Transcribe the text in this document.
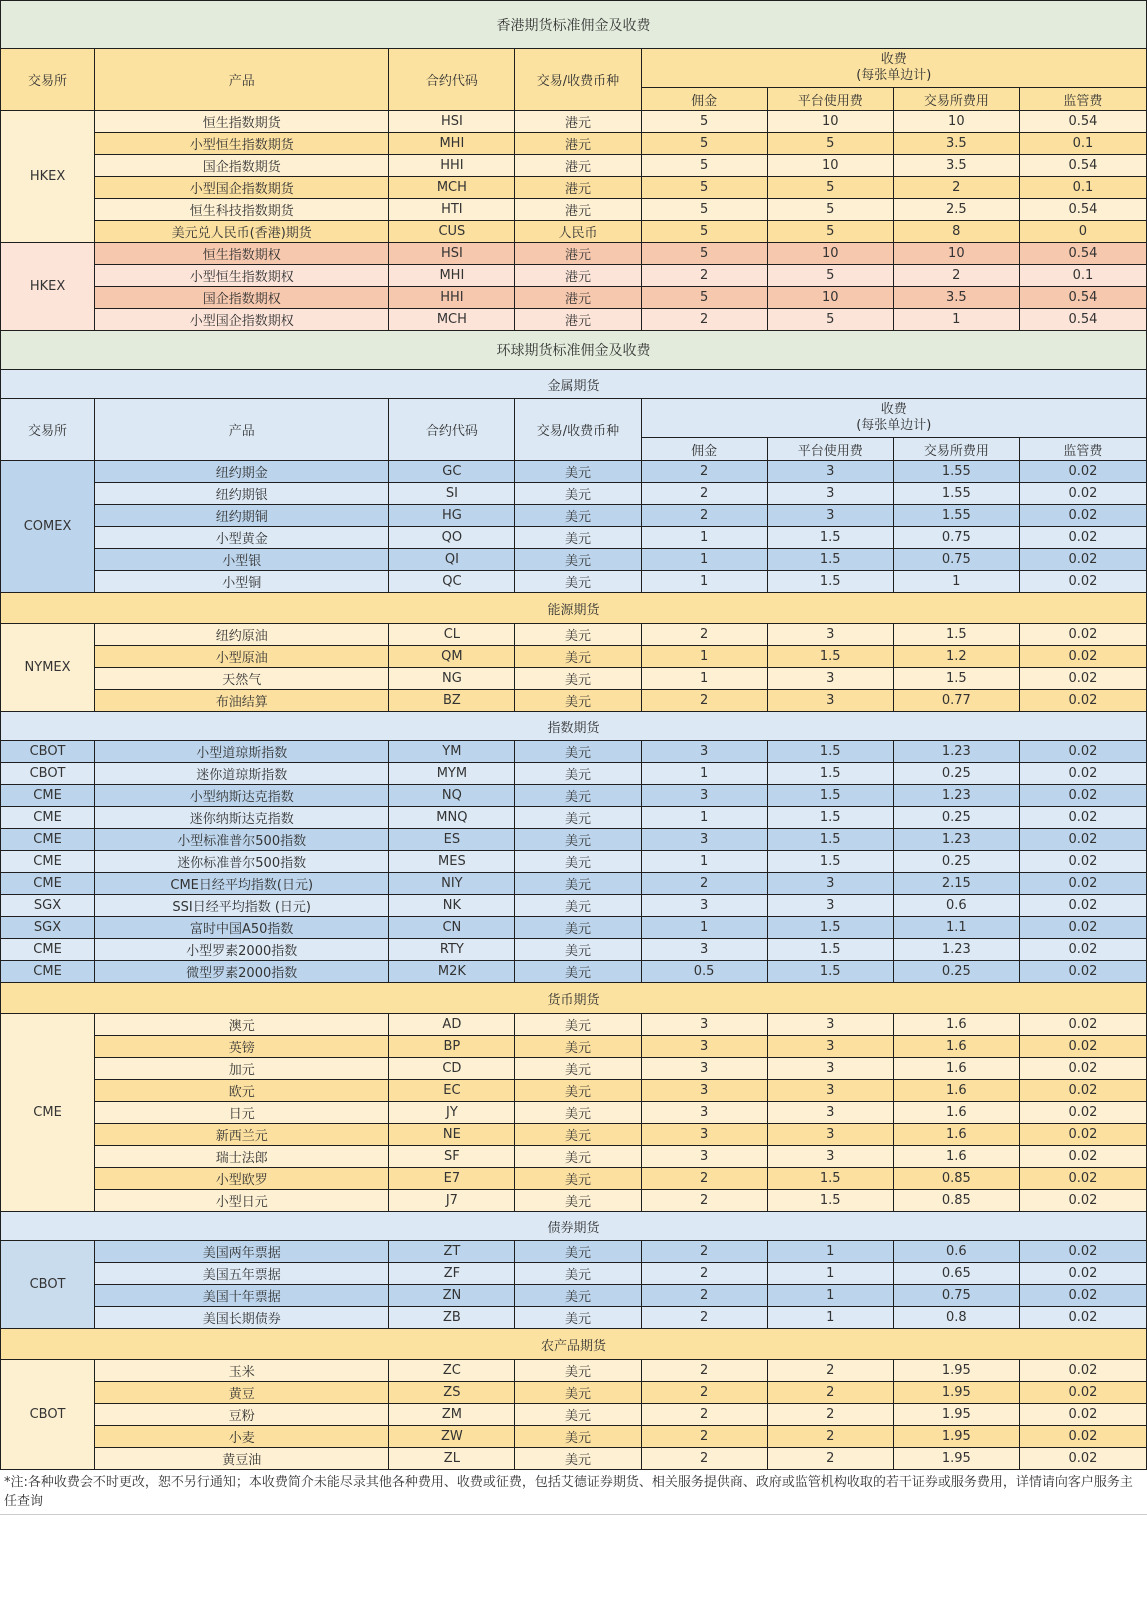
香港期货标准佣金及收费							
交易所	产品	合约代码	交易/收费币种	收费
(每张单边计)			

				佣金	平台使用费	交易所费用	监管费
HKEX	恒生指数期货	HSI	港元	5	10	10	0.54
	小型恒生指数期货	MHI	港元	5	5	3.5	0.1
	国企指数期货	HHI	港元	5	10	3.5	0.54
	小型国企指数期货	MCH	港元	5	5	2	0.1
	恒生科技指数期货	HTI	港元	5	5	2.5	0.54
	美元兑人民币(香港)期货	CUS	人民币	5	5	8	0
HKEX	恒生指数期权	HSI	港元	5	10	10	0.54
	小型恒生指数期权	MHI	港元	2	5	2	0.1
	国企指数期权	HHI	港元	5	10	3.5	0.54
	小型国企指数期权	MCH	港元	2	5	1	0.54
环球期货标准佣金及收费							
金属期货							
交易所	产品	合约代码	交易/收费币种	收费
(每张单边计)			

				佣金	平台使用费	交易所费用	监管费
COMEX	纽约期金	GC	美元	2	3	1.55	0.02
	纽约期银	SI	美元	2	3	1.55	0.02
	纽约期铜	HG	美元	2	3	1.55	0.02
	小型黄金	QO	美元	1	1.5	0.75	0.02
	小型银	QI	美元	1	1.5	0.75	0.02
	小型铜	QC	美元	1	1.5	1	0.02
能源期货							
NYMEX	纽约原油	CL	美元	2	3	1.5	0.02
	小型原油	QM	美元	1	1.5	1.2	0.02
	天然气	NG	美元	1	3	1.5	0.02
	布油结算	BZ	美元	2	3	0.77	0.02
指数期货							
CBOT	小型道琼斯指数	YM	美元	3	1.5	1.23	0.02
CBOT	迷你道琼斯指数	MYM	美元	1	1.5	0.25	0.02
CME	小型纳斯达克指数	NQ	美元	3	1.5	1.23	0.02
CME	迷你纳斯达克指数	MNQ	美元	1	1.5	0.25	0.02
CME	小型标准普尔500指数	ES	美元	3	1.5	1.23	0.02
CME	迷你标准普尔500指数	MES	美元	1	1.5	0.25	0.02
CME	CME日经平均指数(日元)	NIY	美元	2	3	2.15	0.02
SGX	SSI日经平均指数 (日元)	NK	美元	3	3	0.6	0.02
SGX	富时中国A50指数	CN	美元	1	1.5	1.1	0.02
CME	小型罗素2000指数	RTY	美元	3	1.5	1.23	0.02
CME	微型罗素2000指数	M2K	美元	0.5	1.5	0.25	0.02
货币期货							
CME	澳元	AD	美元	3	3	1.6	0.02
	英镑	BP	美元	3	3	1.6	0.02
	加元	CD	美元	3	3	1.6	0.02
	欧元	EC	美元	3	3	1.6	0.02
	日元	JY	美元	3	3	1.6	0.02
	新西兰元	NE	美元	3	3	1.6	0.02
	瑞士法郎	SF	美元	3	3	1.6	0.02
	小型欧罗	E7	美元	2	1.5	0.85	0.02
	小型日元	J7	美元	2	1.5	0.85	0.02
债券期货							
CBOT	美国两年票据	ZT	美元	2	1	0.6	0.02
	美国五年票据	ZF	美元	2	1	0.65	0.02
	美国十年票据	ZN	美元	2	1	0.75	0.02
	美国长期债券	ZB	美元	2	1	0.8	0.02
农产品期货							
CBOT	玉米	ZC	美元	2	2	1.95	0.02
	黄豆	ZS	美元	2	2	1.95	0.02
	豆粉	ZM	美元	2	2	1.95	0.02
	小麦	ZW	美元	2	2	1.95	0.02
	黄豆油	ZL	美元	2	2	1.95	0.02
*注:各种收费会不时更改，恕不另行通知；本收费简介未能尽录其他各种费用、收费或征费，包括艾德证券期货、相关服务提供商、政府或监管机构收取的若干证券或服务费用，详情请向客户服务主任查询
